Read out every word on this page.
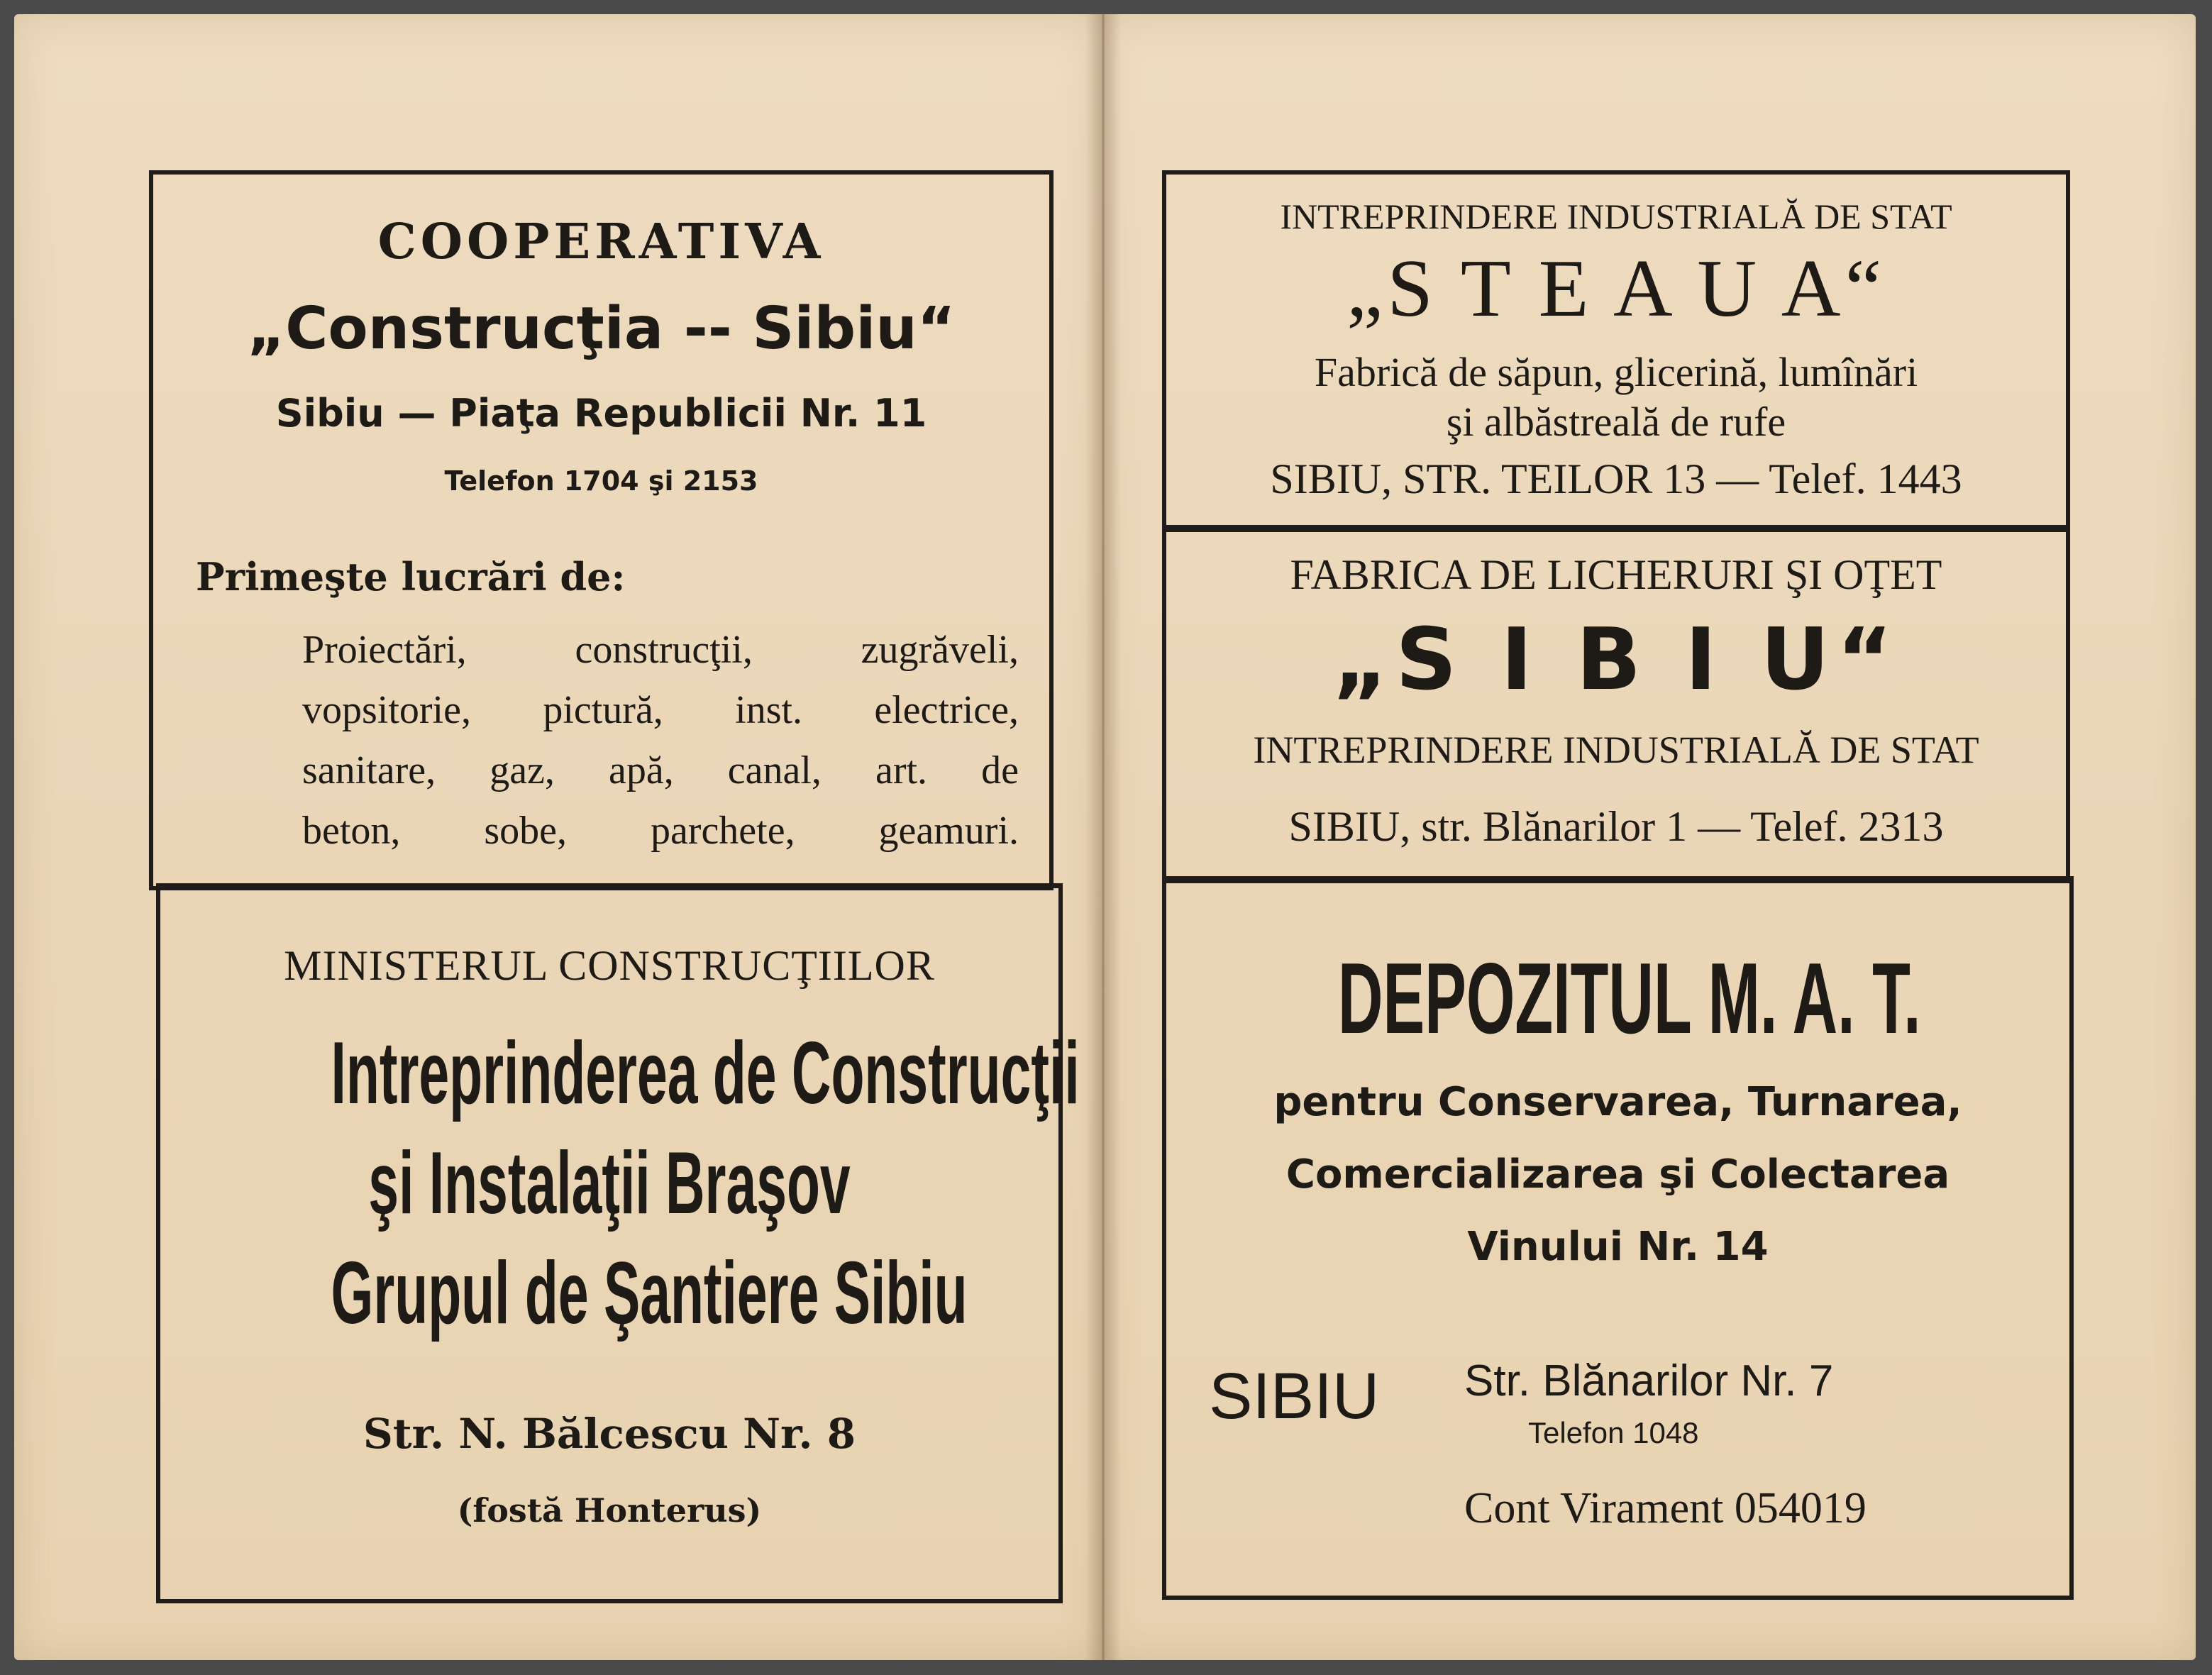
COOPERATIVA
„Construcţia -- Sibiu“
Sibiu — Piaţa Republicii Nr. 11
Telefon 1704 şi 2153
Primeşte lucrări de:
Proiectări, construcţii, zugrăveli,
vopsitorie, pictură, inst. electrice,
sanitare, gaz, apă, canal, art. de
beton, sobe, parchete, geamuri.
MINISTERUL CONSTRUCŢIILOR
Intreprinderea de Construcţii
şi Instalaţii Braşov
Grupul de Şantiere Sibiu
Str. N. Bălcescu Nr. 8
(fostă Honterus)
INTREPRINDERE INDUSTRIALĂ DE STAT
„S T E A U A“
Fabrică de săpun, glicerină, lumînări
şi albăstreală de rufe
SIBIU, STR. TEILOR 13 — Telef. 1443
FABRICA DE LICHERURI ŞI OŢET
„S I B I U“
INTREPRINDERE INDUSTRIALĂ DE STAT
SIBIU, str. Blănarilor 1 — Telef. 2313
DEPOZITUL M. A. T.
pentru Conservarea, Turnarea,
Comercializarea şi Colectarea
Vinului Nr. 14
SIBIU Str. Blănarilor Nr. 7
Telefon 1048
Cont Virament 054019
